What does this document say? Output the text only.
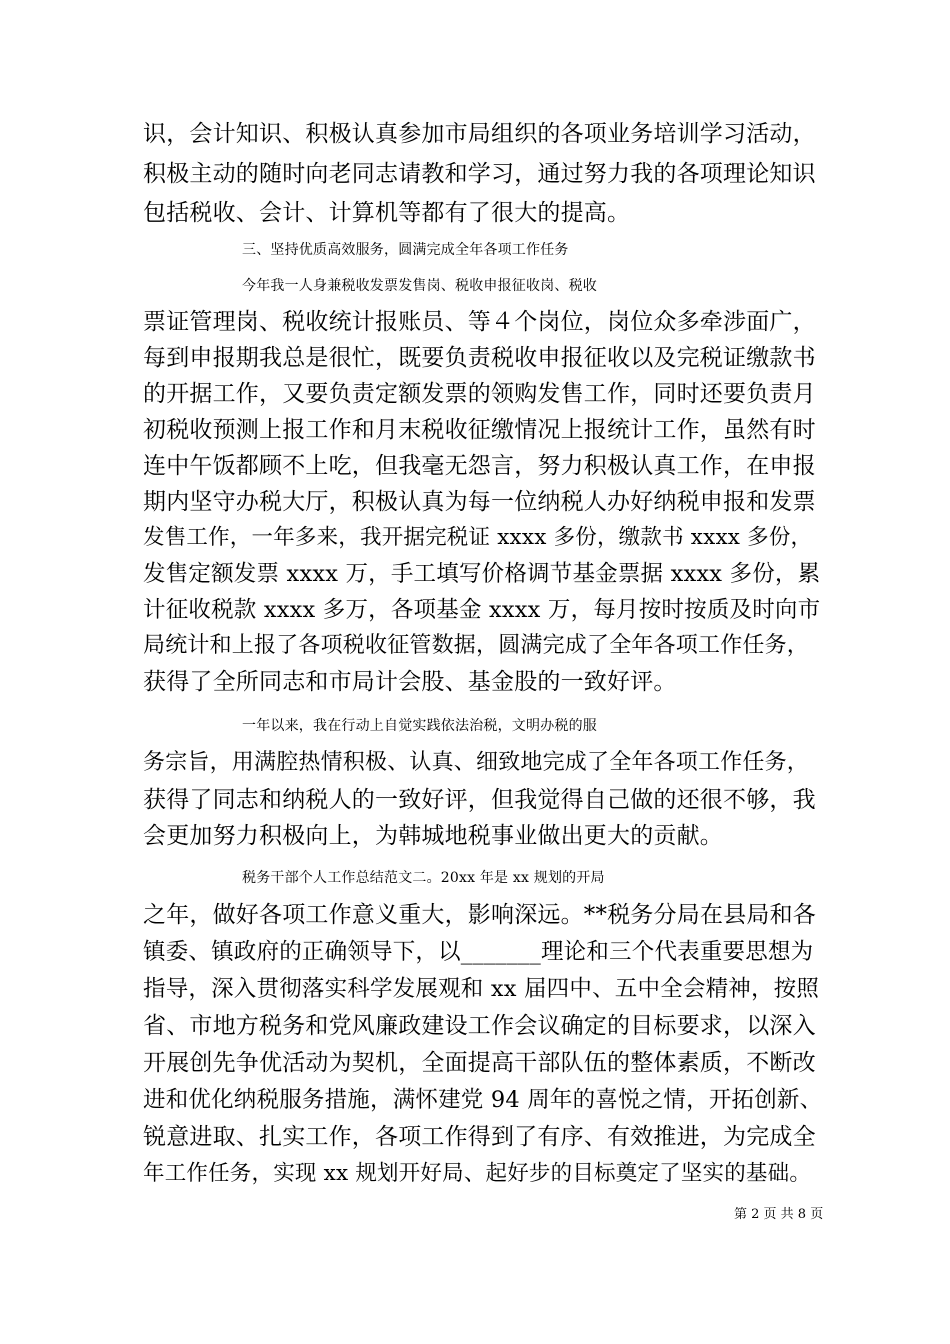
识，会计知识、积极认真参加市局组织的各项业务培训学习活动，
积极主动的随时向老同志请教和学习，通过努力我的各项理论知识
包括税收、会计、计算机等都有了很大的提高。
三、坚持优质高效服务，圆满完成全年各项工作任务
今年我一人身兼税收发票发售岗、税收申报征收岗、税收
票证管理岗、税收统计报账员、等４个岗位，岗位众多牵涉面广，
每到申报期我总是很忙，既要负责税收申报征收以及完税证缴款书
的开据工作，又要负责定额发票的领购发售工作，同时还要负责月
初税收预测上报工作和月末税收征缴情况上报统计工作，虽然有时
连中午饭都顾不上吃，但我毫无怨言，努力积极认真工作，在申报
期内坚守办税大厅，积极认真为每一位纳税人办好纳税申报和发票
发售工作，一年多来，我开据完税证 xxxx 多份，缴款书 xxxx 多份，
发售定额发票 xxxx 万，手工填写价格调节基金票据 xxxx 多份，累
计征收税款 xxxx 多万，各项基金 xxxx 万，每月按时按质及时向市
局统计和上报了各项税收征管数据，圆满完成了全年各项工作任务，
获得了全所同志和市局计会股、基金股的一致好评。
一年以来，我在行动上自觉实践依法治税，文明办税的服
务宗旨，用满腔热情积极、认真、细致地完成了全年各项工作任务，
获得了同志和纳税人的一致好评，但我觉得自己做的还很不够，我
会更加努力积极向上，为韩城地税事业做出更大的贡献。
税务干部个人工作总结范文二。20xx 年是 xx 规划的开局
之年，做好各项工作意义重大，影响深远。**税务分局在县局和各
镇委、镇政府的正确领导下，以_______理论和三个代表重要思想为
指导，深入贯彻落实科学发展观和 xx 届四中、五中全会精神，按照
省、市地方税务和党风廉政建设工作会议确定的目标要求，以深入
开展创先争优活动为契机，全面提高干部队伍的整体素质，不断改
进和优化纳税服务措施，满怀建党 94 周年的喜悦之情，开拓创新、
锐意进取、扎实工作，各项工作得到了有序、有效推进，为完成全
年工作任务，实现 xx 规划开好局、起好步的目标奠定了坚实的基础。
第 2 页 共 8 页
